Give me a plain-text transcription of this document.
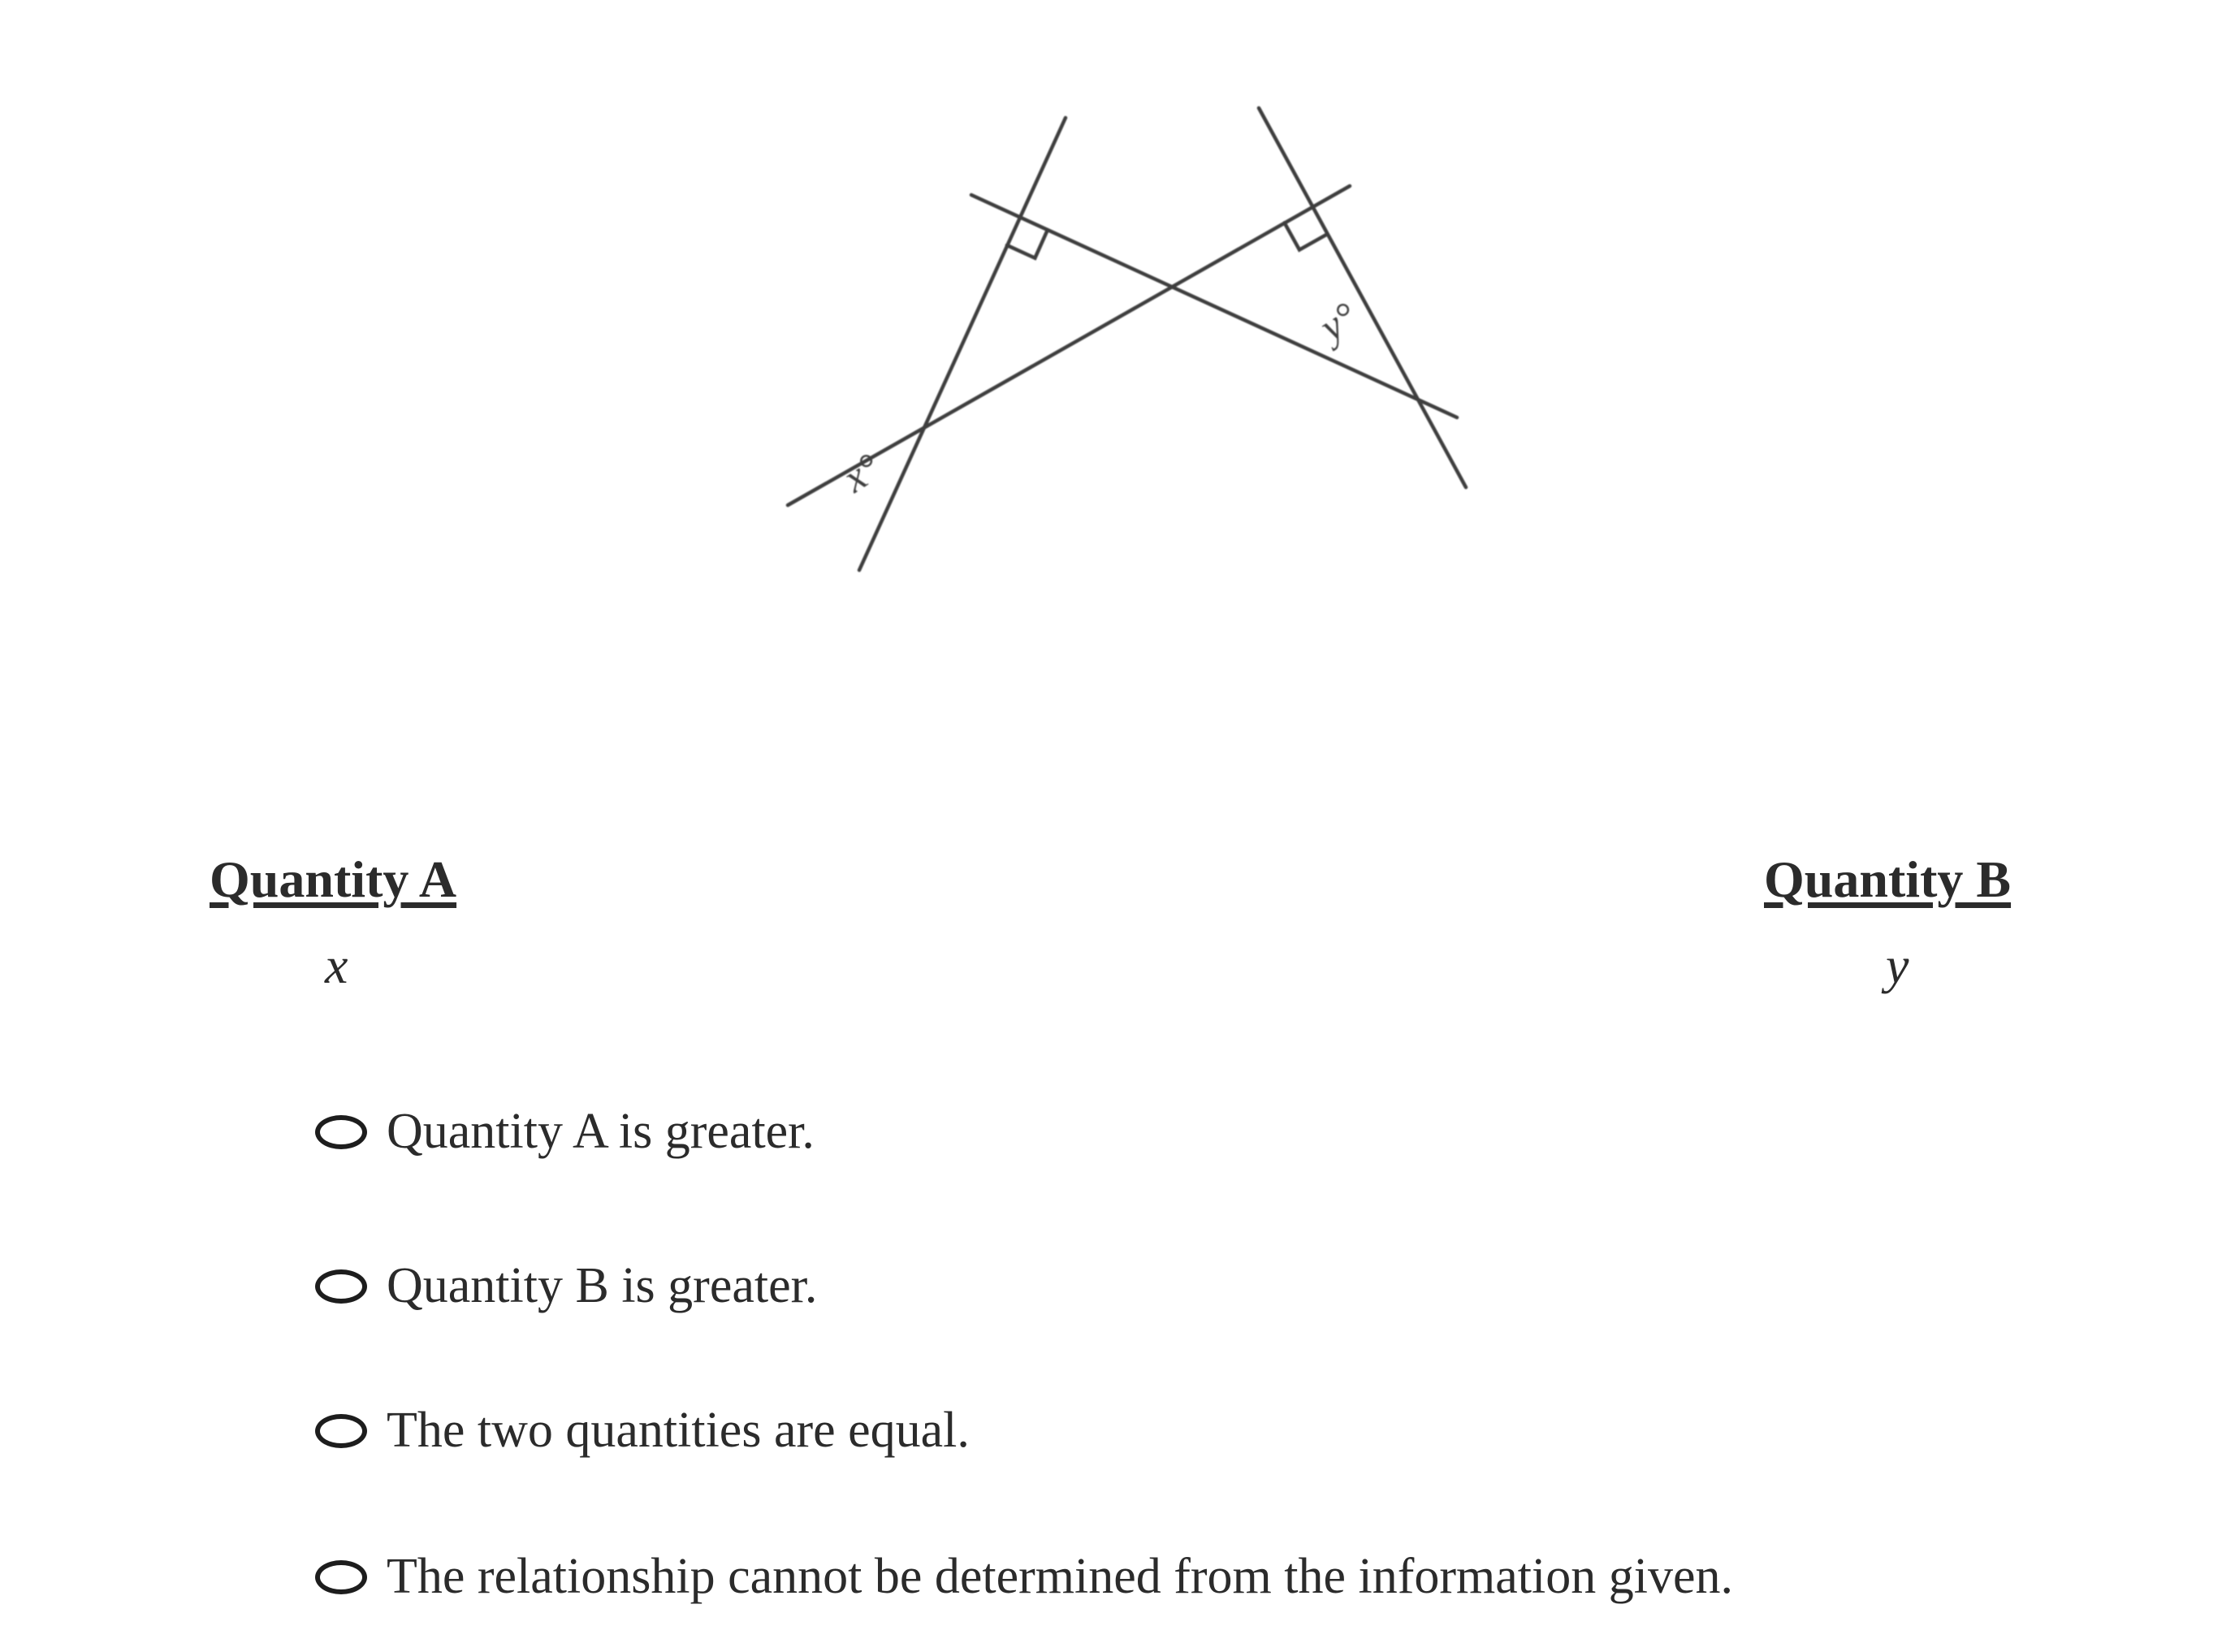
x°
y°
Quantity A	Quantity B
x	y
Quantity A is greater.
Quantity B is greater.
The two quantities are equal.
The relationship cannot be determined from the information given.
